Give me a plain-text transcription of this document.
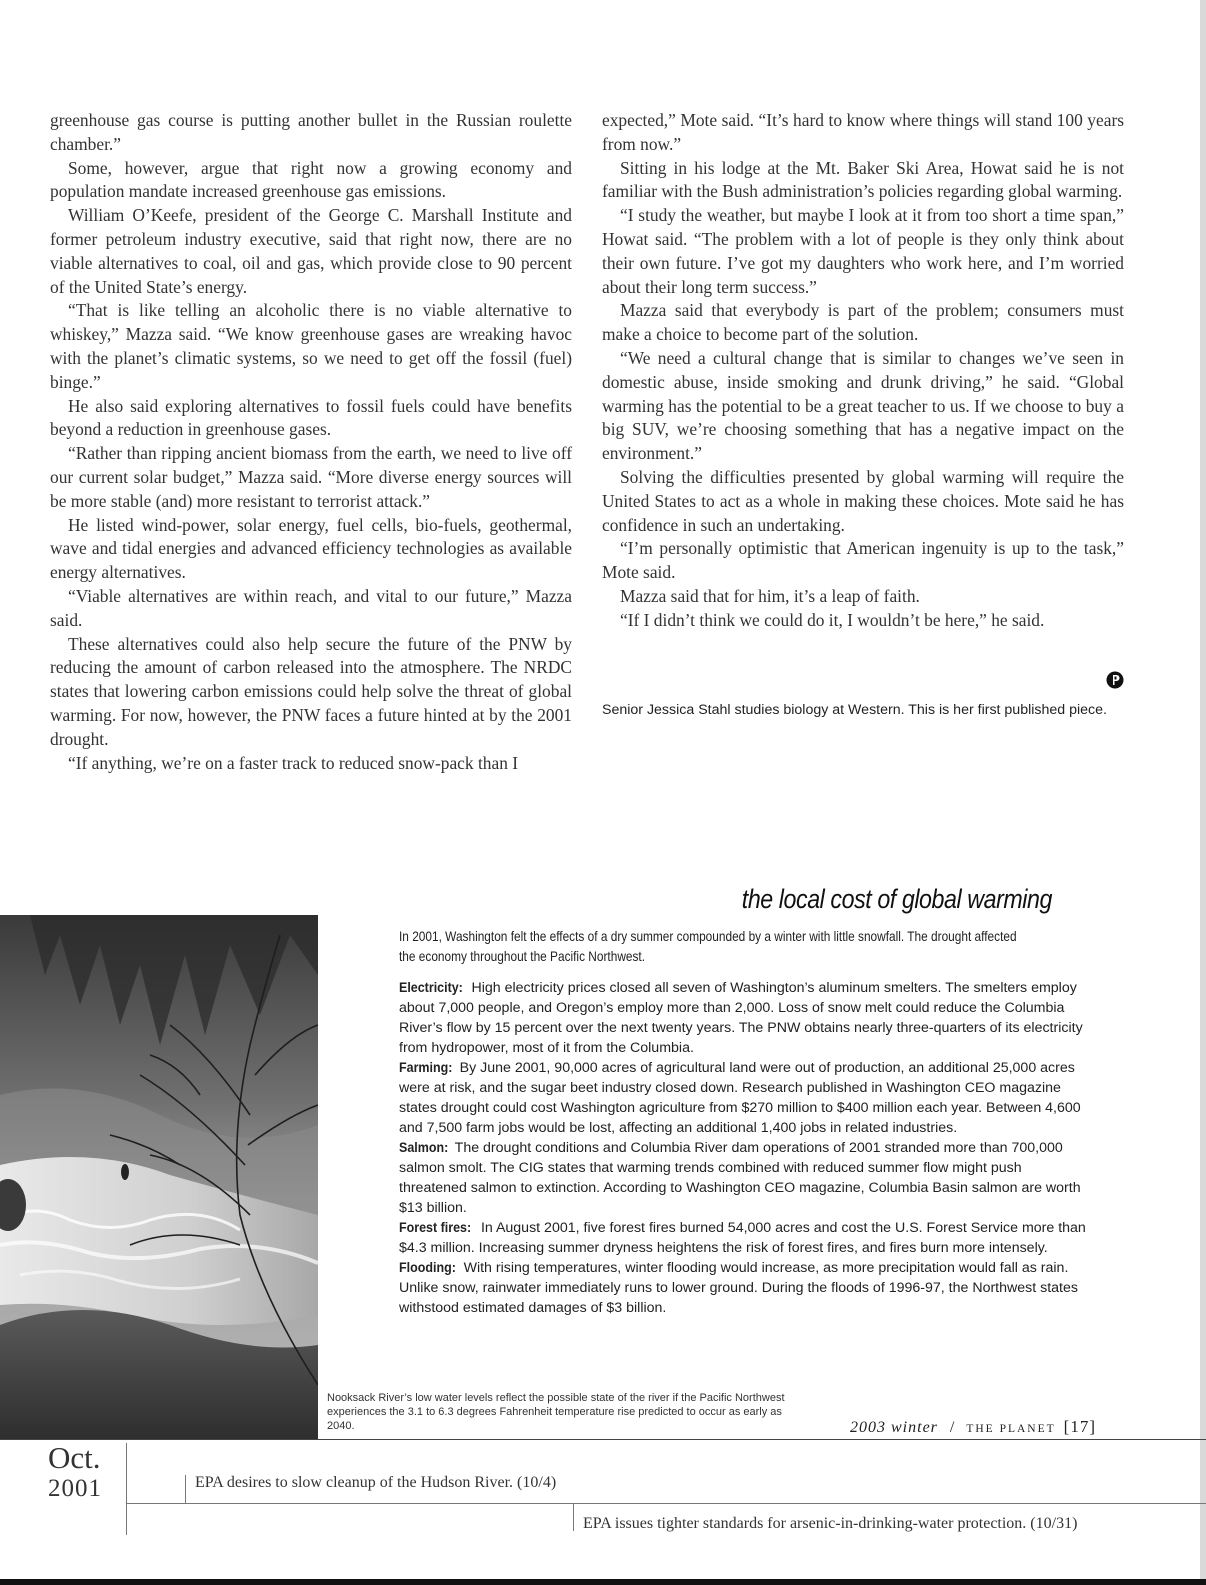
greenhouse gas course is putting another bullet in the Russian roulette chamber.”

Some, however, argue that right now a growing economy and population mandate increased greenhouse gas emissions.

William O’Keefe, president of the George C. Marshall Institute and former petroleum industry executive, said that right now, there are no viable alternatives to coal, oil and gas, which provide close to 90 percent of the United State’s energy.

“That is like telling an alcoholic there is no viable alternative to whiskey,” Mazza said. “We know greenhouse gases are wreaking havoc with the planet’s climatic systems, so we need to get off the fossil (fuel) binge.”

He also said exploring alternatives to fossil fuels could have benefits beyond a reduction in greenhouse gases.

“Rather than ripping ancient biomass from the earth, we need to live off our current solar budget,” Mazza said. “More diverse energy sources will be more stable (and) more resistant to terrorist attack.”

He listed wind-power, solar energy, fuel cells, bio-fuels, geothermal, wave and tidal energies and advanced efficiency technologies as available energy alternatives.

“Viable alternatives are within reach, and vital to our future,” Mazza said.

These alternatives could also help secure the future of the PNW by reducing the amount of carbon released into the atmosphere. The NRDC states that lowering carbon emissions could help solve the threat of global warming. For now, however, the PNW faces a future hinted at by the 2001 drought.

“If anything, we’re on a faster track to reduced snow-pack than I

expected,” Mote said. “It’s hard to know where things will stand 100 years from now.”

Sitting in his lodge at the Mt. Baker Ski Area, Howat said he is not familiar with the Bush administration’s policies regarding global warming.

“I study the weather, but maybe I look at it from too short a time span,” Howat said. “The problem with a lot of people is they only think about their own future. I’ve got my daughters who work here, and I’m worried about their long term success.”

Mazza said that everybody is part of the problem; consumers must make a choice to become part of the solution.

“We need a cultural change that is similar to changes we’ve seen in domestic abuse, inside smoking and drunk driving,” he said. “Global warming has the potential to be a great teacher to us. If we choose to buy a big SUV, we’re choosing something that has a negative impact on the environment.”

Solving the difficulties presented by global warming will require the United States to act as a whole in making these choices. Mote said he has confidence in such an undertaking.

“I’m personally optimistic that American ingenuity is up to the task,” Mote said.

Mazza said that for him, it’s a leap of faith.

“If I didn’t think we could do it, I wouldn’t be here,” he said.

Senior Jessica Stahl studies biology at Western. This is her first published piece.
the local cost of global warming
In 2001, Washington felt the effects of a dry summer compounded by a winter with little snowfall. The drought affected the economy throughout the Pacific Northwest.

Electricity: High electricity prices closed all seven of Washington’s aluminum smelters. The smelters employ about 7,000 people, and Oregon’s employ more than 2,000. Loss of snow melt could reduce the Columbia River’s flow by 15 percent over the next twenty years. The PNW obtains nearly three-quarters of its electricity from hydropower, most of it from the Columbia.

Farming: By June 2001, 90,000 acres of agricultural land were out of production, an additional 25,000 acres were at risk, and the sugar beet industry closed down. Research published in Washington CEO magazine states drought could cost Washington agriculture from $270 million to $400 million each year. Between 4,600 and 7,500 farm jobs would be lost, affecting an additional 1,400 jobs in related industries.

Salmon: The drought conditions and Columbia River dam operations of 2001 stranded more than 700,000 salmon smolt. The CIG states that warming trends combined with reduced summer flow might push threatened salmon to extinction. According to Washington CEO magazine, Columbia Basin salmon are worth $13 billion.

Forest fires: In August 2001, five forest fires burned 54,000 acres and cost the U.S. Forest Service more than $4.3 million. Increasing summer dryness heightens the risk of forest fires, and fires burn more intensely.

Flooding: With rising temperatures, winter flooding would increase, as more precipitation would fall as rain. Unlike snow, rainwater immediately runs to lower ground. During the floods of 1996-97, the Northwest states withstood estimated damages of $3 billion.

Nooksack River’s low water levels reflect the possible state of the river if the Pacific Northwest experiences the 3.1 to 6.3 degrees Fahrenheit temperature rise predicted to occur as early as 2040.	2003 winter / THE PLANET [17]
Oct.
2001	EPA desires to slow cleanup of the Hudson River. (10/4)
EPA issues tighter standards for arsenic-in-drinking-water protection. (10/31)
